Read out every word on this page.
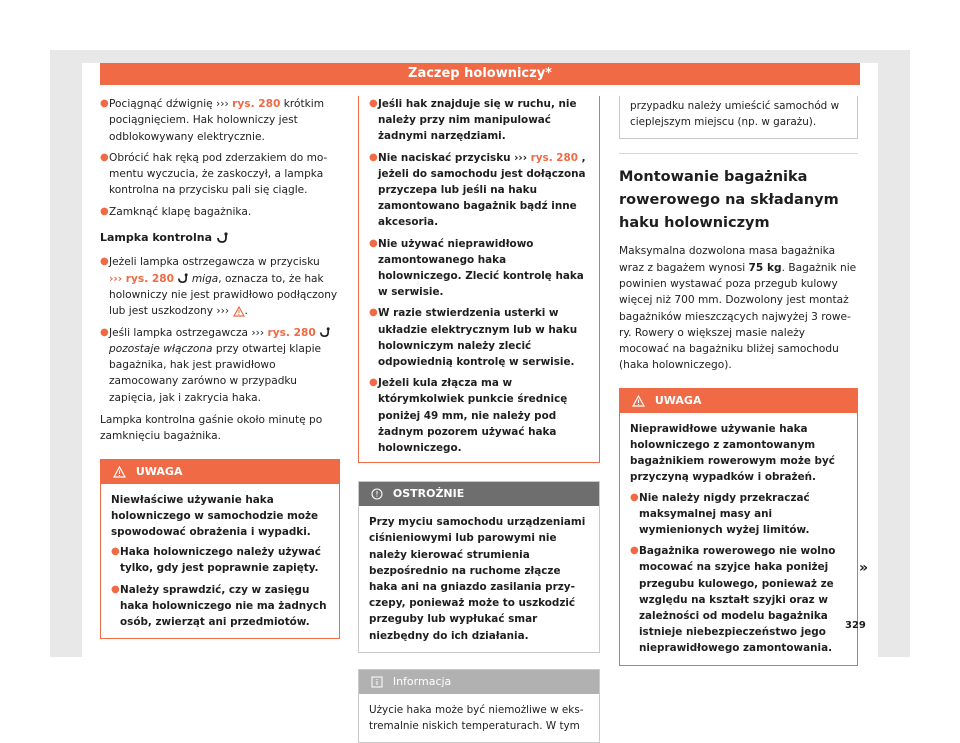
Zaczep holowniczy*
● Pociągnąć dźwignię ››› rys. 280 krótkim pociągnięciem. Hak holowniczy jest odblokowywany elektrycznie.
● Obrócić hak ręką pod zderzakiem do momentu wyczucia, że zaskoczył, a lampka kontrolna na przycisku pali się ciągle.
● Zamknąć klapę bagażnika.
Lampka kontrolna
● Jeżeli lampka ostrzegawcza w przycisku
››› rys. 280 miga, oznacza to, że hak holowniczy nie jest prawidłowo podłączony lub jest uszkodzony ››› .
● Jeśli lampka ostrzegawcza ››› rys. 280
pozostaje włączona przy otwartej klapie bagażnika, hak jest prawidłowo zamocowany zarówno w przypadku zapięcia, jak i zakrycia haka.
Lampka kontrolna gaśnie około minutę po zamknięciu bagażnika.
UWAGA
Niewłaściwe używanie haka holowniczego w samochodzie może spowodować obrażenia i wypadki.
● Haka holowniczego należy używać tylko, gdy jest poprawnie zapięty.
● Należy sprawdzić, czy w zasięgu haka holowniczego nie ma żadnych osób, zwierząt ani przedmiotów.
● Jeśli hak znajduje się w ruchu, nie należy przy nim manipulować żadnymi narzędziami.
● Nie naciskać przycisku ››› rys. 280 , jeżeli do samochodu jest dołączona przyczepa lub jeśli na haku zamontowano bagażnik bądź inne akcesoria.
● Nie używać nieprawidłowo zamontowanego haka holowniczego. Zlecić kontrolę haka w serwisie.
● W razie stwierdzenia usterki w układzie elektrycznym lub w haku holowniczym należy zlecić odpowiednią kontrolę w serwisie.
● Jeżeli kula złącza ma w którymkolwiek punkcie średnicę poniżej 49 mm, nie należy pod żadnym pozorem używać haka holowniczego.
OSTROŻNIE
Przy myciu samochodu urządzeniami ciśnieniowymi lub parowymi nie należy kierować strumienia bezpośrednio na ruchome złącze haka ani na gniazdo zasilania przyczepy, ponieważ może to uszkodzić przeguby lub wypłukać smar niezbędny do ich działania.
Informacja
Użycie haka może być niemożliwe w ekstremalnie niskich temperaturach. W tym
przypadku należy umieścić samochód w cieplejszym miejscu (np. w garażu).
Montowanie bagażnika rowerowego na składanym haku holowniczym
Maksymalna dozwolona masa bagażnika wraz z bagażem wynosi 75 kg. Bagażnik nie powinien wystawać poza przegub kulowy więcej niż 700 mm. Dozwolony jest montaż bagażników mieszczących najwyżej 3 rowery. Rowery o większej masie należy mocować na bagażniku bliżej samochodu (haka holowniczego).
UWAGA
Nieprawidłowe używanie haka holowniczego z zamontowanym bagażnikiem rowerowym może być przyczyną wypadków i obrażeń.
● Nie należy nigdy przekraczać maksymalnej masy ani wymienionych wyżej limitów.
● Bagażnika rowerowego nie wolno mocować na szyjce haka poniżej przegubu kulowego, ponieważ ze względu na kształt szyjki oraz w zależności od modelu bagażnika istnieje niebezpieczeństwo jego nieprawidłowego zamontowania.
»
329
